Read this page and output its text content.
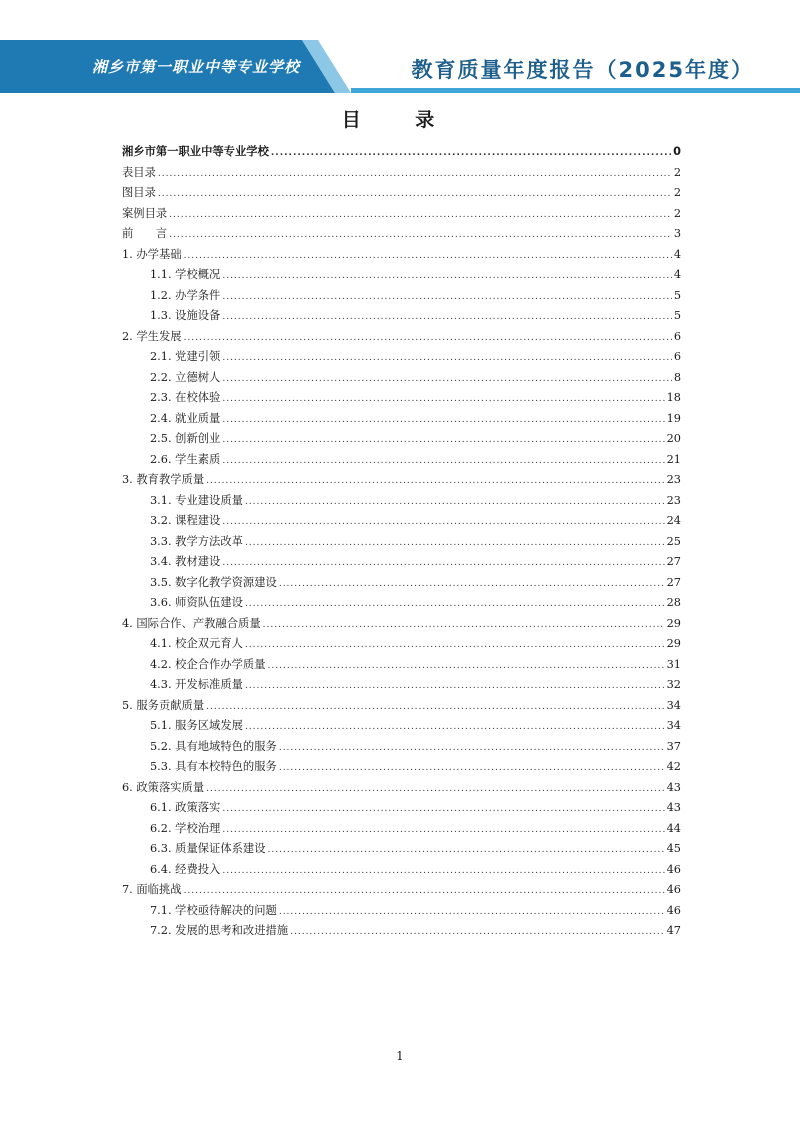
湘乡市第一职业中等专业学校	教育质量年度报告（2025年度）
目 录
湘乡市第一职业中等专业学校 .....	0
表目录 .....	2
图目录 .....	2
案例目录 .....	2
前　　言 .....	3
1. 办学基础 .....	4
1.1. 学校概况 .....	4
1.2. 办学条件 .....	5
1.3. 设施设备 .....	5
2. 学生发展 .....	6
2.1. 党建引领 .....	6
2.2. 立德树人 .....	8
2.3. 在校体验 .....	18
2.4. 就业质量 .....	19
2.5. 创新创业 .....	20
2.6. 学生素质 .....	21
3. 教育教学质量 .....	23
3.1. 专业建设质量 .....	23
3.2. 课程建设 .....	24
3.3. 教学方法改革 .....	25
3.4. 教材建设 .....	27
3.5. 数字化教学资源建设 .....	27
3.6. 师资队伍建设 .....	28
4. 国际合作、产教融合质量 .....	29
4.1. 校企双元育人 .....	29
4.2. 校企合作办学质量 .....	31
4.3. 开发标准质量 .....	32
5. 服务贡献质量 .....	34
5.1. 服务区域发展 .....	34
5.2. 具有地域特色的服务 .....	37
5.3. 具有本校特色的服务 .....	42
6. 政策落实质量 .....	43
6.1. 政策落实 .....	43
6.2. 学校治理 .....	44
6.3. 质量保证体系建设 .....	45
6.4. 经费投入 .....	46
7. 面临挑战 .....	46
7.1. 学校亟待解决的问题 .....	46
7.2. 发展的思考和改进措施 .....	47
1
